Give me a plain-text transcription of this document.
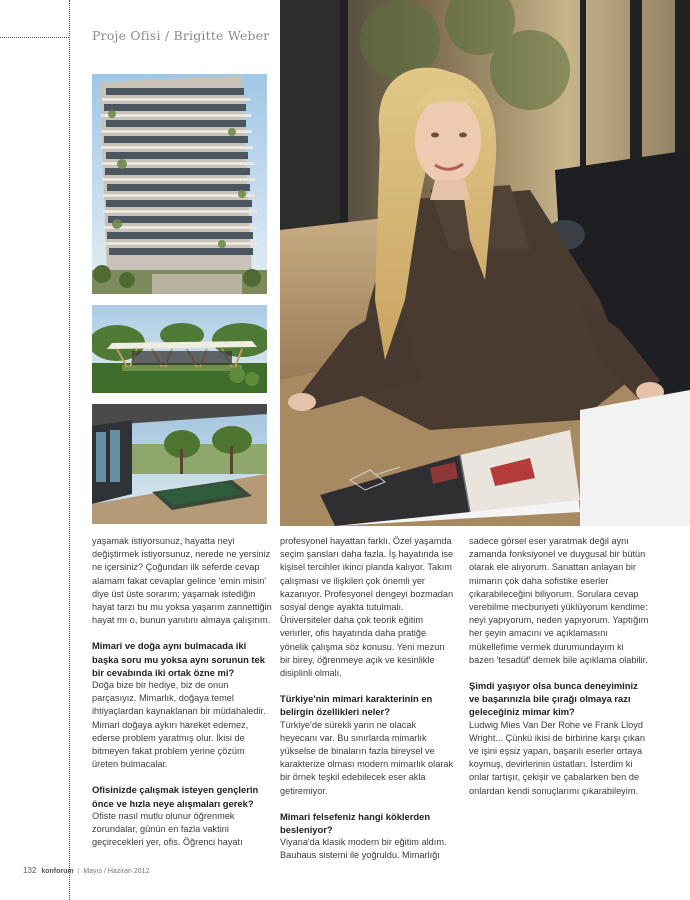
Proje Ofisi / Brigitte Weber

yaşamak istiyorsunuz, hayatta neyi değiştirmek istiyorsunuz, nerede ne yersiniz ne içersiniz? Çoğundan ilk seferde cevap alamam fakat cevaplar gelince 'emin misin' diye üst üste sorarım; yaşamak istediğin hayat tarzı bu mu yoksa yaşarım zannettiğin hayat mı o, bunun yanıtını almaya çalışırım.

Mimari ve doğa aynı bulmacada iki başka soru mu yoksa aynı sorunun tek bir cevabında iki ortak özne mi?

Doğa bize bir hediye, biz de onun parçasıyız. Mimarlık, doğaya temel ihtiyaçlardan kaynaklanan bir müdahaledir. Mimari doğaya aykırı hareket edemez, ederse problem yaratmış olur. İkisi de bitmeyen fakat problem yerine çözüm üreten bulmacalar.

Ofisinizde çalışmak isteyen gençlerin önce ve hızla neye alışmaları gerek?

Ofiste nasıl mutlu olunur öğrenmek zorundalar, günün en fazla vaktini geçirecekleri yer, ofis. Öğrenci hayatı

profesyonel hayattan farklı. Özel yaşamda seçim şansları daha fazla. İş hayatında ise kişisel tercihler ikinci planda kalıyor. Takım çalışması ve ilişkileri çok önemli yer kazanıyor. Profesyonel dengeyi bozmadan sosyal denge ayakta tutulmalı. Üniversiteler daha çok teorik eğitim veriırler, ofis hayatında daha pratiğe yönelik çalışma söz konusu. Yeni mezun bir birey, öğrenmeye açık ve kesinlikle disiplinli olmalı.

Türkiye'nin mimari karakterinin en belirgin özellikleri neler?

Türkiye'de sürekli yarın ne olacak heyecanı var. Bu sınırlarda mimarlık yükselse de binaların fazla bireysel ve karakterize olması modern mimarlık olarak bir örnek teşkil edebilecek eser akla getiremiyor.

Mimari felsefeniz hangi köklerden besleniyor?

Viyana'da klasik modern bir eğitim aldım. Bauhaus sistemi ile yoğruldu. Mimarlığı

sadece görsel eser yaratmak değil aynı zamanda fonksiyonel ve duygusal bir bütün olarak ele alıyorum. Sanattan anlayan bir mimarın çok daha sofistike eserler çıkarabileceğini biliyorum. Sorulara cevap verebilme mecburiyeti yüklüyorum kendime: neyi yapıyorum, neden yapıyorum. Yaptığım her şeyin amacını ve açıklamasını mükellefime vermek durumundayım ki bazen 'tesadüf' demek bile açıklama olabilir.

Şimdi yaşıyor olsa bunca deneyiminiz ve başarınızla bile çırağı olmaya razı geleceğiniz mimar kim?

Ludwig Mies Van Der Rohe ve Frank Lloyd Wright... Çünkü ikisi de birbirine karşı çıkan ve işini eşsiz yapan, başarılı eserler ortaya koymuş, devirlerinin üstatları. İsterdim ki onlar tartışır, çekişir ve çabalarken ben de onlardan kendi sonuçlarımı çıkarabileyim.

132 konforum | Mayıs / Haziran 2012
